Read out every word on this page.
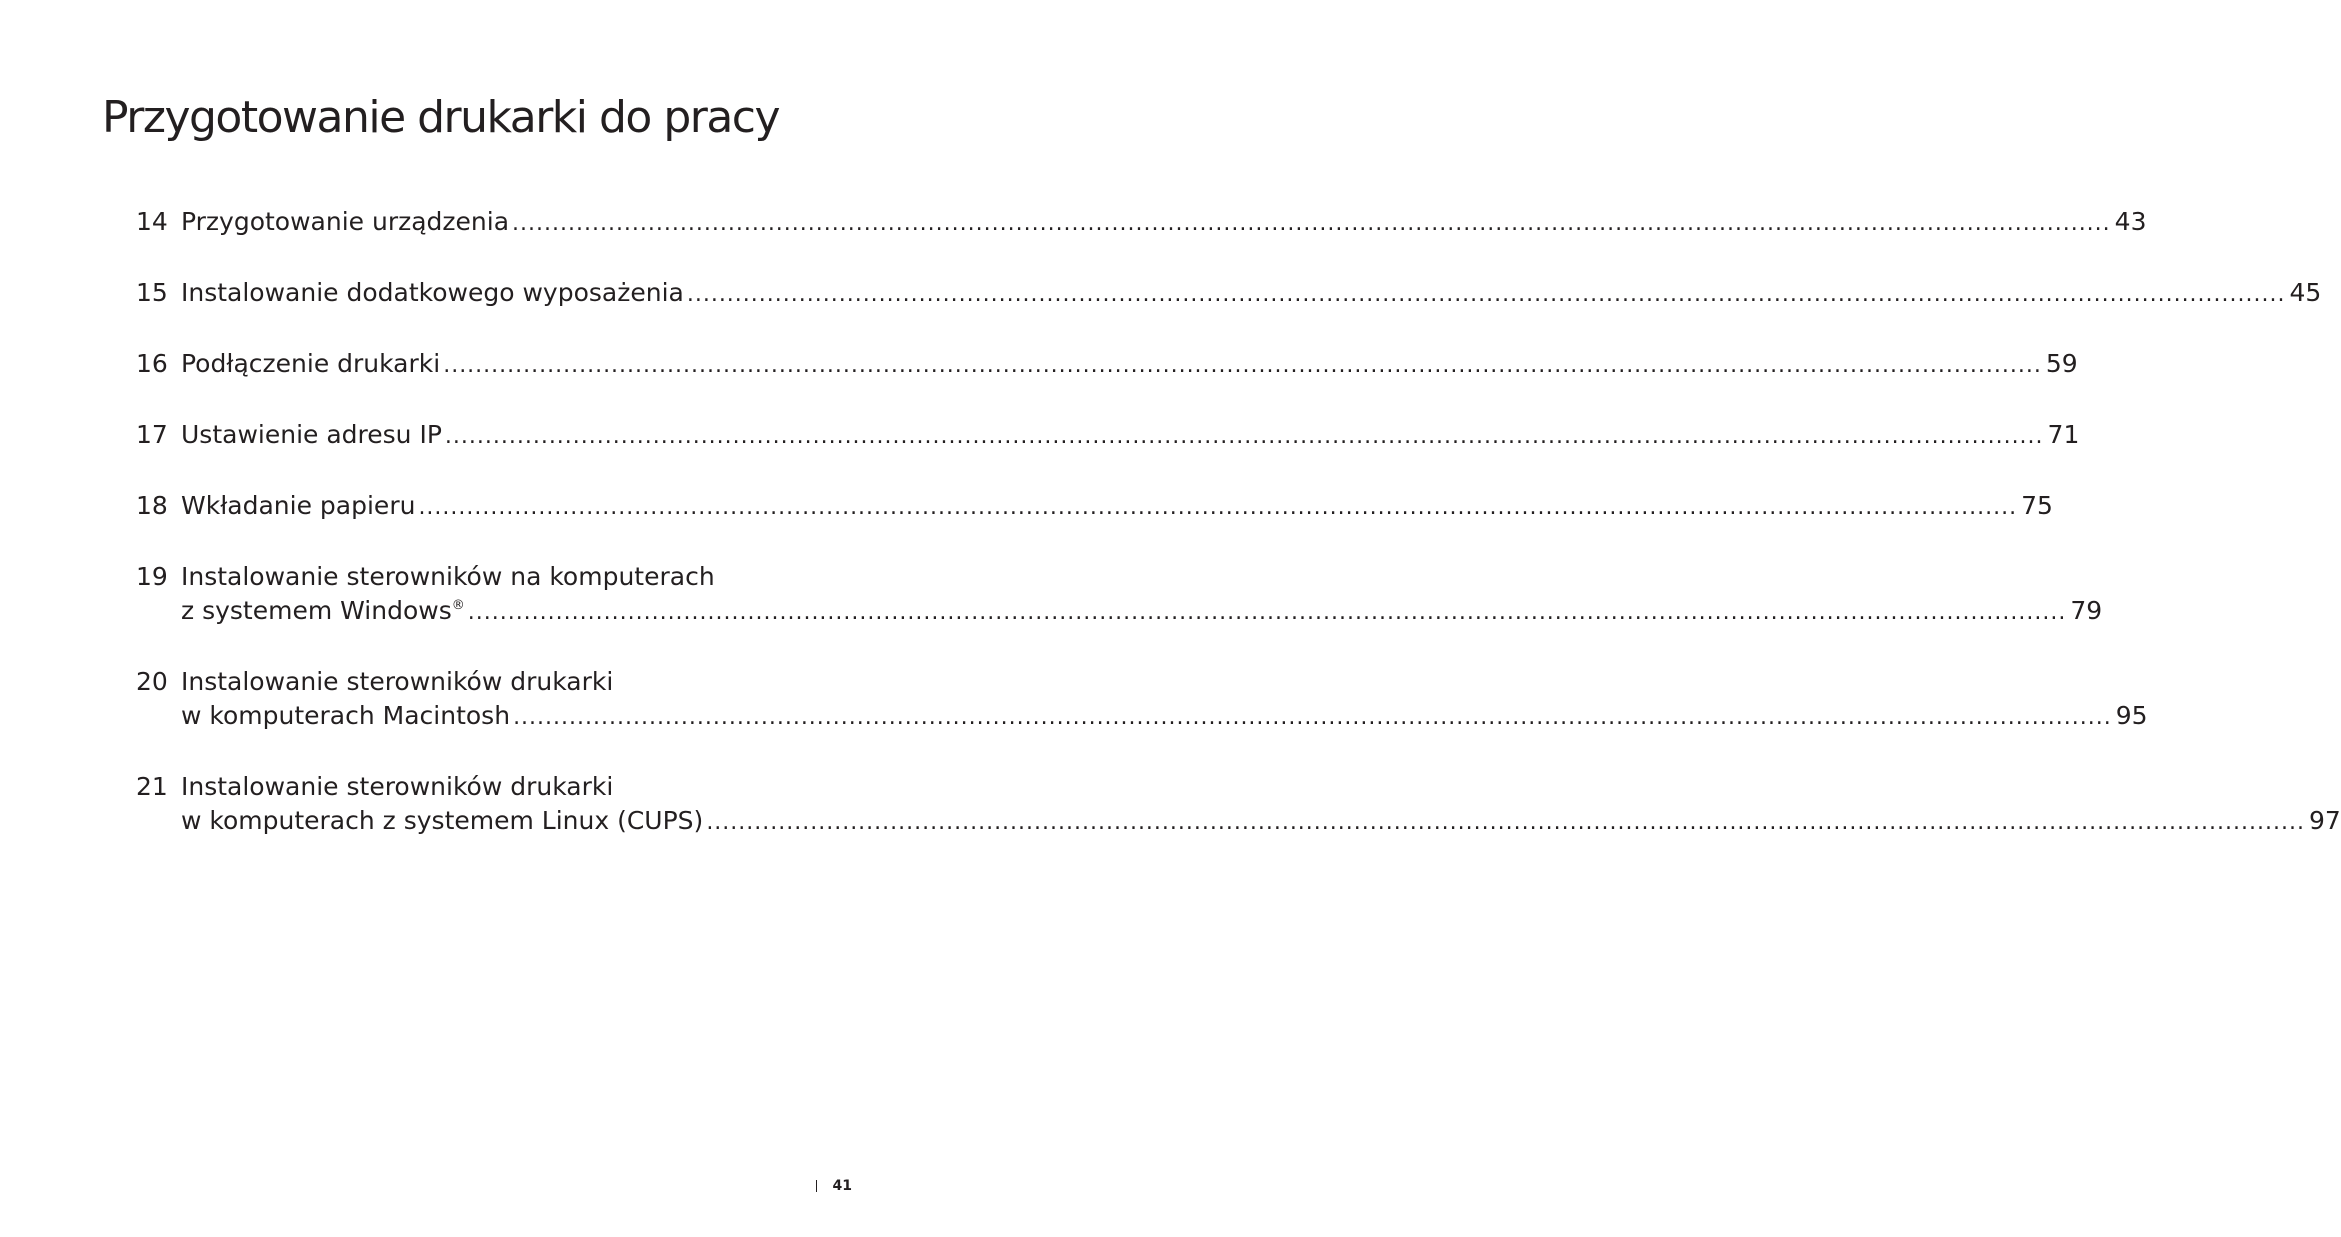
Przygotowanie drukarki do pracy
14 Przygotowanie urządzenia ........................................................................................................................................................................................................ 43
15 Instalowanie dodatkowego wyposażenia ........................................................................................................................................................................................................ 45
16 Podłączenie drukarki ........................................................................................................................................................................................................ 59
17 Ustawienie adresu IP ........................................................................................................................................................................................................ 71
18 Wkładanie papieru ........................................................................................................................................................................................................ 75
19 Instalowanie sterowników na komputerach
z systemem Windows® ........................................................................................................................................................................................................ 79
20 Instalowanie sterowników drukarki
w komputerach Macintosh ........................................................................................................................................................................................................ 95
21 Instalowanie sterowników drukarki
w komputerach z systemem Linux (CUPS) ........................................................................................................................................................................................................ 97
41
